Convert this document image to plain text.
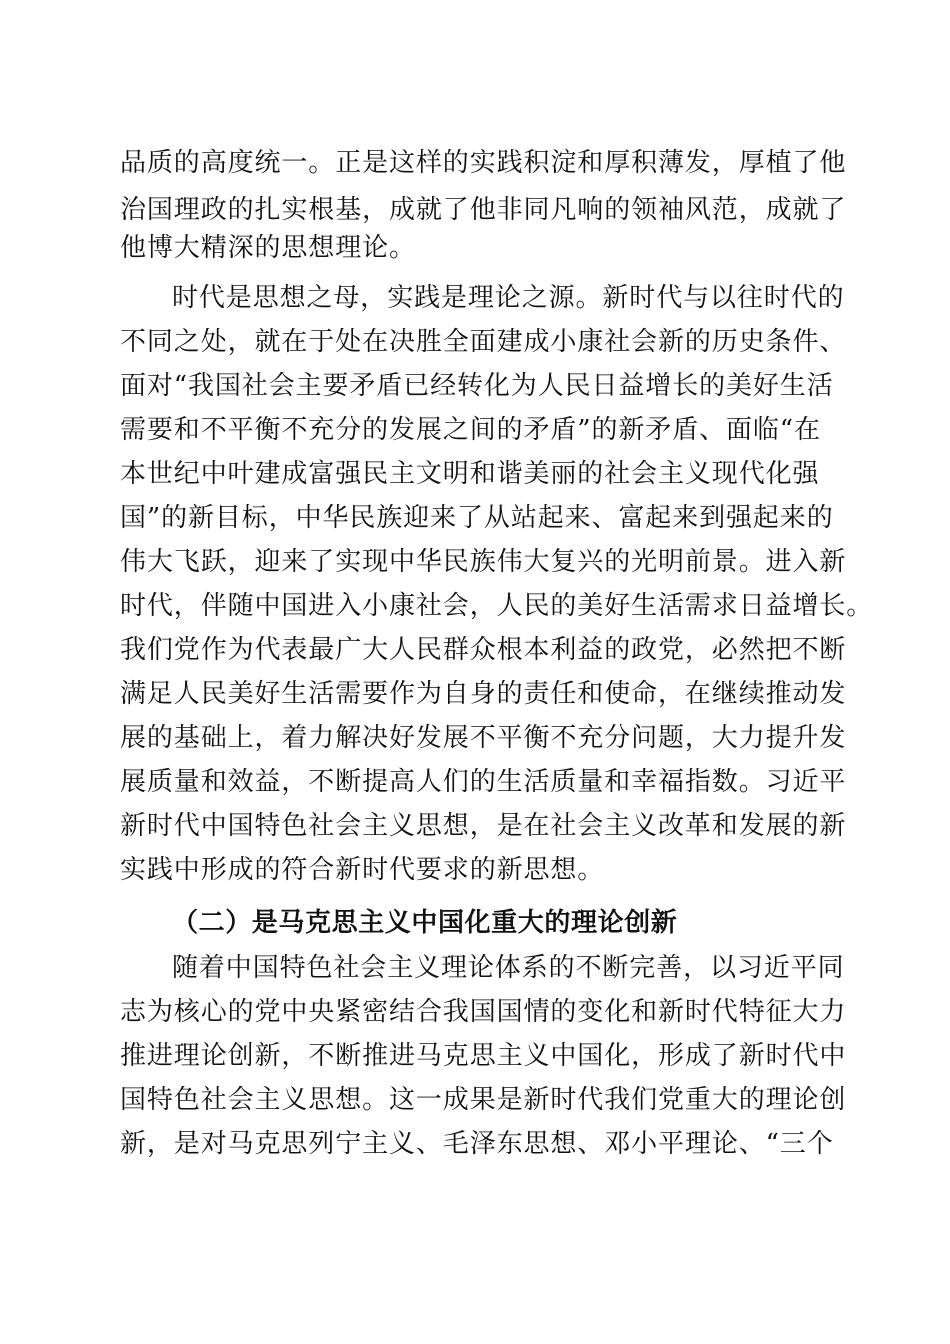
品质的高度统一。正是这样的实践积淀和厚积薄发，厚植了他
治国理政的扎实根基，成就了他非同凡响的领袖风范，成就了
他博大精深的思想理论。
时代是思想之母，实践是理论之源。新时代与以往时代的
不同之处，就在于处在决胜全面建成小康社会新的历史条件、
面对“我国社会主要矛盾已经转化为人民日益增长的美好生活
需要和不平衡不充分的发展之间的矛盾”的新矛盾、面临“在
本世纪中叶建成富强民主文明和谐美丽的社会主义现代化强
国”的新目标，中华民族迎来了从站起来、富起来到强起来的
伟大飞跃，迎来了实现中华民族伟大复兴的光明前景。进入新
时代，伴随中国进入小康社会，人民的美好生活需求日益增长。
我们党作为代表最广大人民群众根本利益的政党，必然把不断
满足人民美好生活需要作为自身的责任和使命，在继续推动发
展的基础上，着力解决好发展不平衡不充分问题，大力提升发
展质量和效益，不断提高人们的生活质量和幸福指数。习近平
新时代中国特色社会主义思想，是在社会主义改革和发展的新
实践中形成的符合新时代要求的新思想。
（二）是马克思主义中国化重大的理论创新
随着中国特色社会主义理论体系的不断完善，以习近平同
志为核心的党中央紧密结合我国国情的变化和新时代特征大力
推进理论创新，不断推进马克思主义中国化，形成了新时代中
国特色社会主义思想。这一成果是新时代我们党重大的理论创
新，是对马克思列宁主义、毛泽东思想、邓小平理论、“三个
